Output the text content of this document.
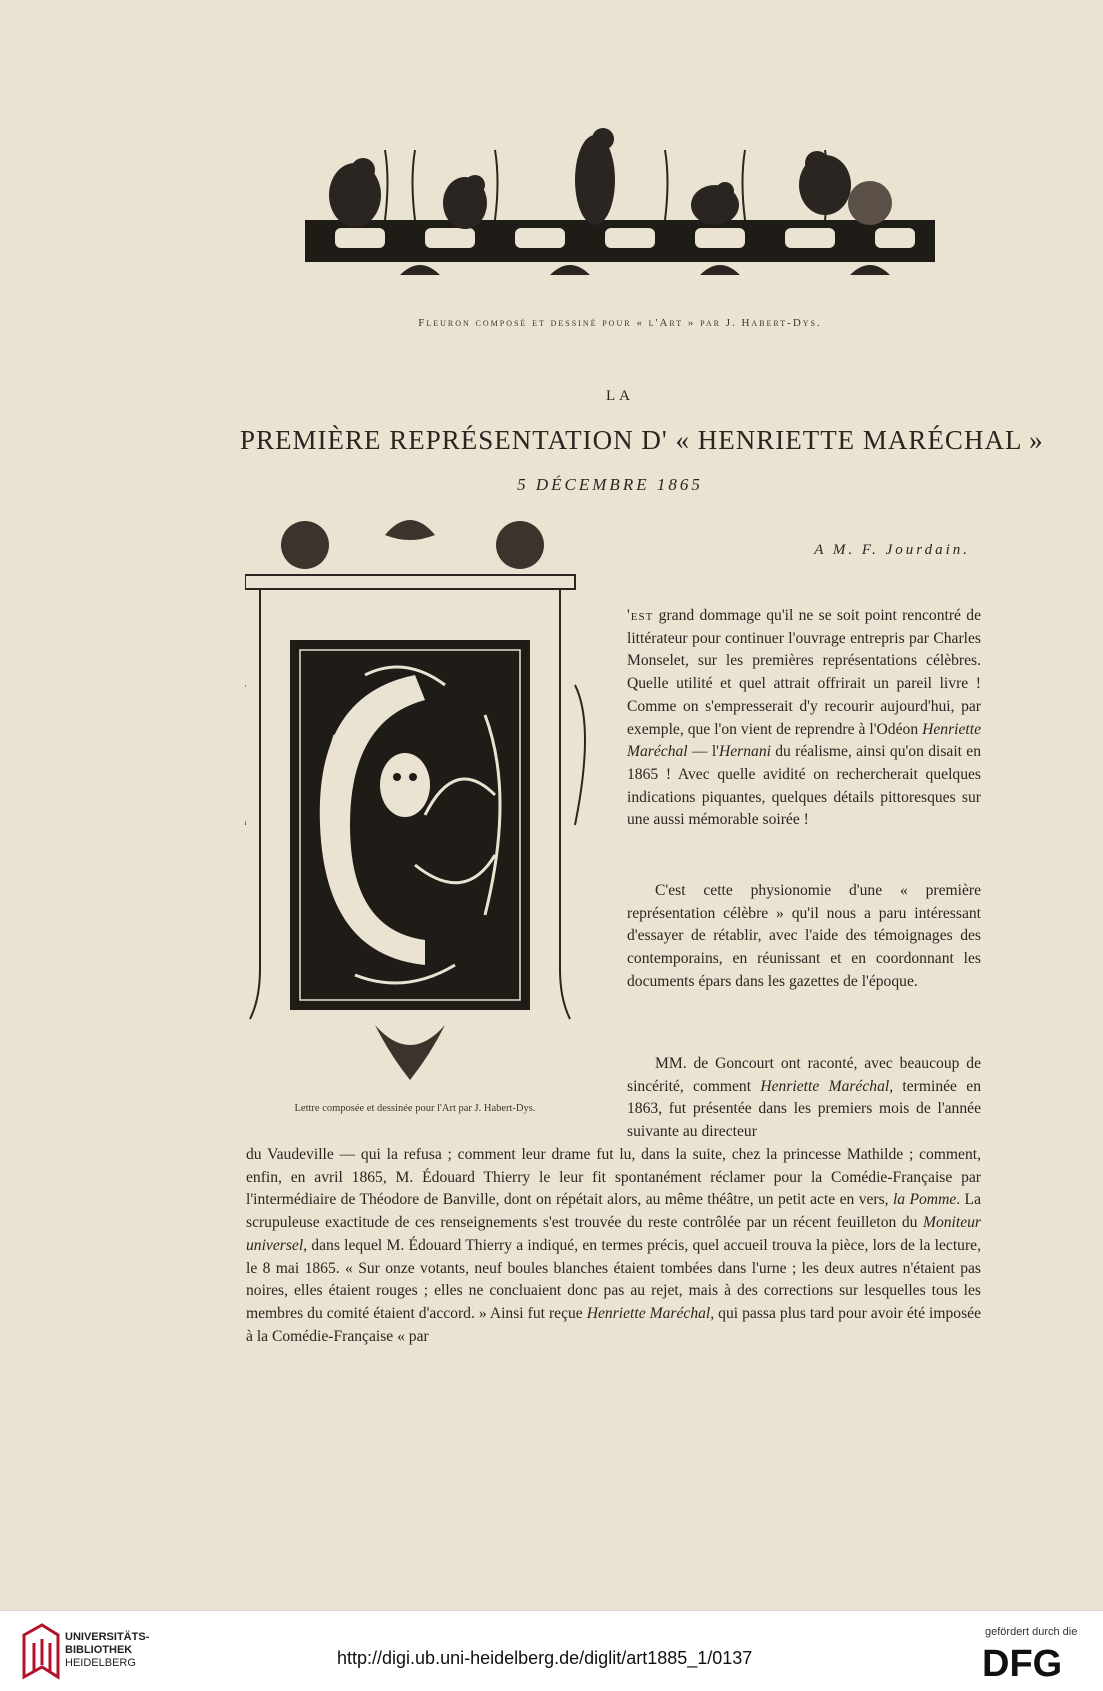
Fleuron composé et dessiné pour « l'Art » par J. Habert-Dys.
LA
PREMIÈRE REPRÉSENTATION D' « HENRIETTE MARÉCHAL »
5 DÉCEMBRE 1865
A M. F. Jourdain.
Lettre composée et dessinée pour l'Art par J. Habert-Dys.
'est grand dommage qu'il ne se soit point rencontré de littérateur pour continuer l'ouvrage entrepris par Charles Monselet, sur les premières représentations célèbres. Quelle utilité et quel attrait offrirait un pareil livre ! Comme on s'empresserait d'y recourir aujourd'hui, par exemple, que l'on vient de reprendre à l'Odéon Henriette Maréchal — l'Hernani du réalisme, ainsi qu'on disait en 1865 ! Avec quelle avidité on rechercherait quelques indications piquantes, quelques détails pittoresques sur une aussi mémorable soirée !
C'est cette physionomie d'une « première représentation célèbre » qu'il nous a paru intéressant d'essayer de rétablir, avec l'aide des témoignages des contemporains, en réunissant et en coordonnant les documents épars dans les gazettes de l'époque.
MM. de Goncourt ont raconté, avec beaucoup de sincérité, comment Henriette Maréchal, terminée en 1863, fut présentée dans les premiers mois de l'année suivante au directeur
du Vaudeville — qui la refusa ; comment leur drame fut lu, dans la suite, chez la princesse Mathilde ; comment, enfin, en avril 1865, M. Édouard Thierry le leur fit spontanément réclamer pour la Comédie-Française par l'intermédiaire de Théodore de Banville, dont on répétait alors, au même théâtre, un petit acte en vers, la Pomme. La scrupuleuse exactitude de ces renseignements s'est trouvée du reste contrôlée par un récent feuilleton du Moniteur universel, dans lequel M. Édouard Thierry a indiqué, en termes précis, quel accueil trouva la pièce, lors de la lecture, le 8 mai 1865. « Sur onze votants, neuf boules blanches étaient tombées dans l'urne ; les deux autres n'étaient pas noires, elles étaient rouges ; elles ne concluaient donc pas au rejet, mais à des corrections sur lesquelles tous les membres du comité étaient d'accord. » Ainsi fut reçue Henriette Maréchal, qui passa plus tard pour avoir été imposée à la Comédie-Française « par
UNIVERSITÄTS-
BIBLIOTHEK
HEIDELBERG	http://digi.ub.uni-heidelberg.de/diglit/art1885_1/0137
gefördert durch die
DFG
